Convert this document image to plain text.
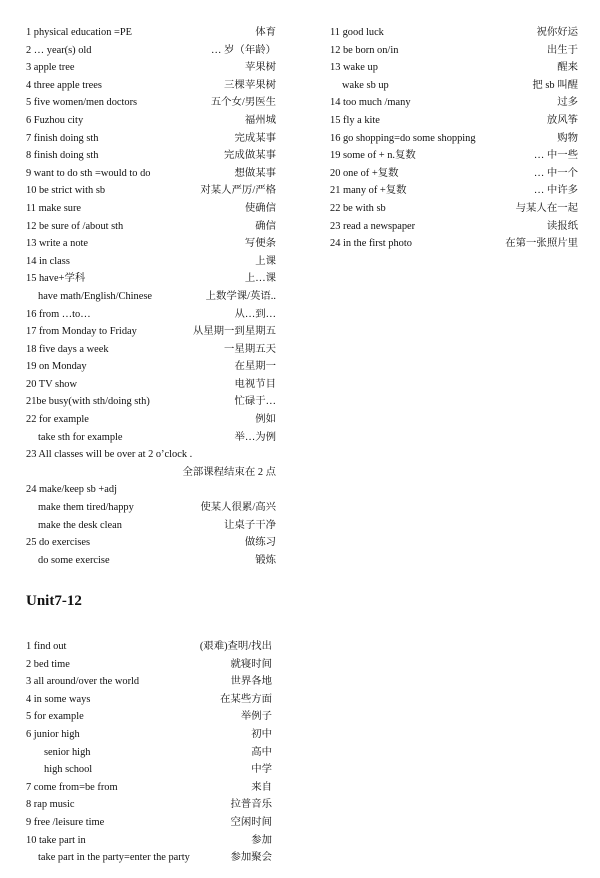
1 physical education =PE	体育
2 … year(s) old	… 岁（年龄）
3 apple tree	苹果树
4 three apple trees	三棵苹果树
5 five women/men doctors	五个女/男医生
6 Fuzhou city	福州城
7 finish doing sth	完成某事
8 finish doing sth	完成做某事
9 want to do sth =would to do	想做某事
10 be strict with sb	对某人严厉/严格
11 make sure	使确信
12 be sure of /about sth	确信
13 write a note	写便条
14 in class	上课
15 have+学科	上…课
have math/English/Chinese	上数学课/英语..
16 from …to…	从…到…
17 from Monday to Friday	从星期一到星期五
18 five days a week	一星期五天
19 on Monday	在星期一
20 TV show	电视节目
21be busy(with sth/doing sth)	忙碌于…
22 for example	例如
take sth for example	举…为例
23 All classes will be over at 2 o’clock .
全部课程结束在 2 点
24 make/keep sb +adj
make them tired/happy	使某人很累/高兴
make the desk clean	让桌子干净
25 do exercises	做练习
do some exercise	锻炼
11 good luck	祝你好运
12 be born on/in	出生于
13 wake up	醒来
wake sb up	把 sb 叫醒
14 too much /many	过多
15 fly a kite	放风筝
16 go shopping=do some shopping	购物
19 some of + n.复数	… 中一些
20 one of +复数	… 中一个
21 many of +复数	… 中许多
22 be with sb	与某人在一起
23 read a newspaper	读报纸
24 in the first photo	在第一张照片里
Unit7-12
1 find out	(艰难)查明/找出
2 bed time	就寝时间
3 all around/over the world	世界各地
4 in some ways	在某些方面
5 for example	举例子
6 junior high	初中
senior high	高中
high school	中学
7 come from=be from	来自
8 rap music	拉普音乐
9 free /leisure time	空闲时间
10 take part in	参加
take part in the party=enter the party	参加聚会
